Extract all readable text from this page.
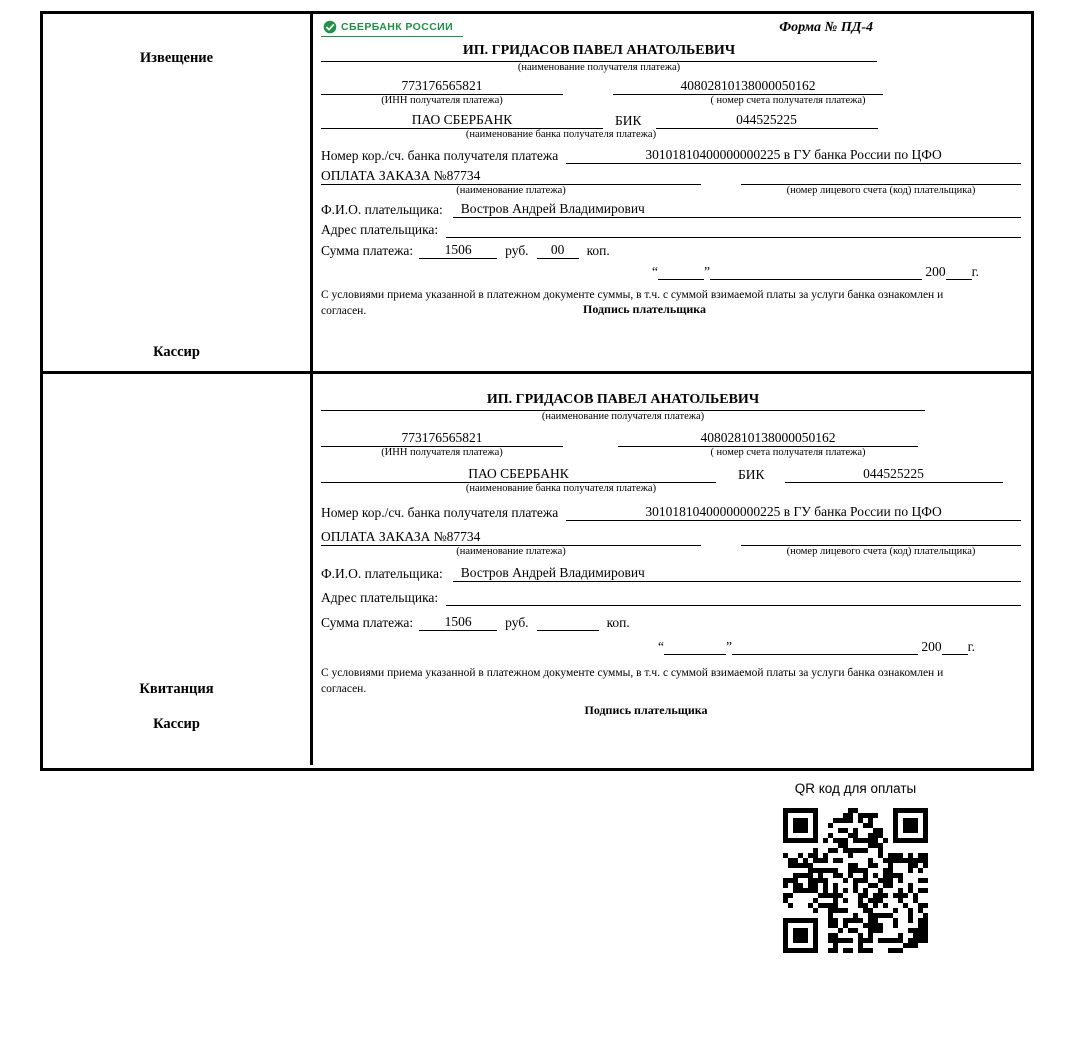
Извещение
Кассир
СБЕРБАНК РОССИИ	Форма № ПД-4
ИП. ГРИДАСОВ ПАВЕЛ АНАТОЛЬЕВИЧ
(наименование получателя платежа)
773176565821	40802810138000050162
(ИНН получателя платежа)	( номер счета получателя платежа)
ПАО СБЕРБАНК	БИК	044525225
(наименование банка получателя платежа)
Номер кор./сч. банка получателя платежа	30101810400000000225 в ГУ банка России по ЦФО
ОПЛАТА ЗАКАЗА №87734
(наименование платежа)	(номер лицевого счета (код) плательщика)
Ф.И.О. плательщика:	Востров Андрей Владимирович
Адрес плательщика:
Сумма платежа:	1506	руб.	00	коп.
“	”	200 г.
С условиями приема указанной в платежном документе суммы, в т.ч. с суммой взимаемой платы за услуги банка ознакомлен и согласен.	Подпись плательщика
Квитанция
Кассир
ИП. ГРИДАСОВ ПАВЕЛ АНАТОЛЬЕВИЧ
(наименование получателя платежа)
773176565821	40802810138000050162
(ИНН получателя платежа)	( номер счета получателя платежа)
ПАО СБЕРБАНК	БИК	044525225
(наименование банка получателя платежа)
Номер кор./сч. банка получателя платежа	30101810400000000225 в ГУ банка России по ЦФО
ОПЛАТА ЗАКАЗА №87734
(наименование платежа)	(номер лицевого счета (код) плательщика)
Ф.И.О. плательщика:	Востров Андрей Владимирович
Адрес плательщика:
Сумма платежа:	1506	руб.	коп.
“	”	200 г.
С условиями приема указанной в платежном документе суммы, в т.ч. с суммой взимаемой платы за услуги банка ознакомлен и согласен.
Подпись плательщика
QR код для оплаты
